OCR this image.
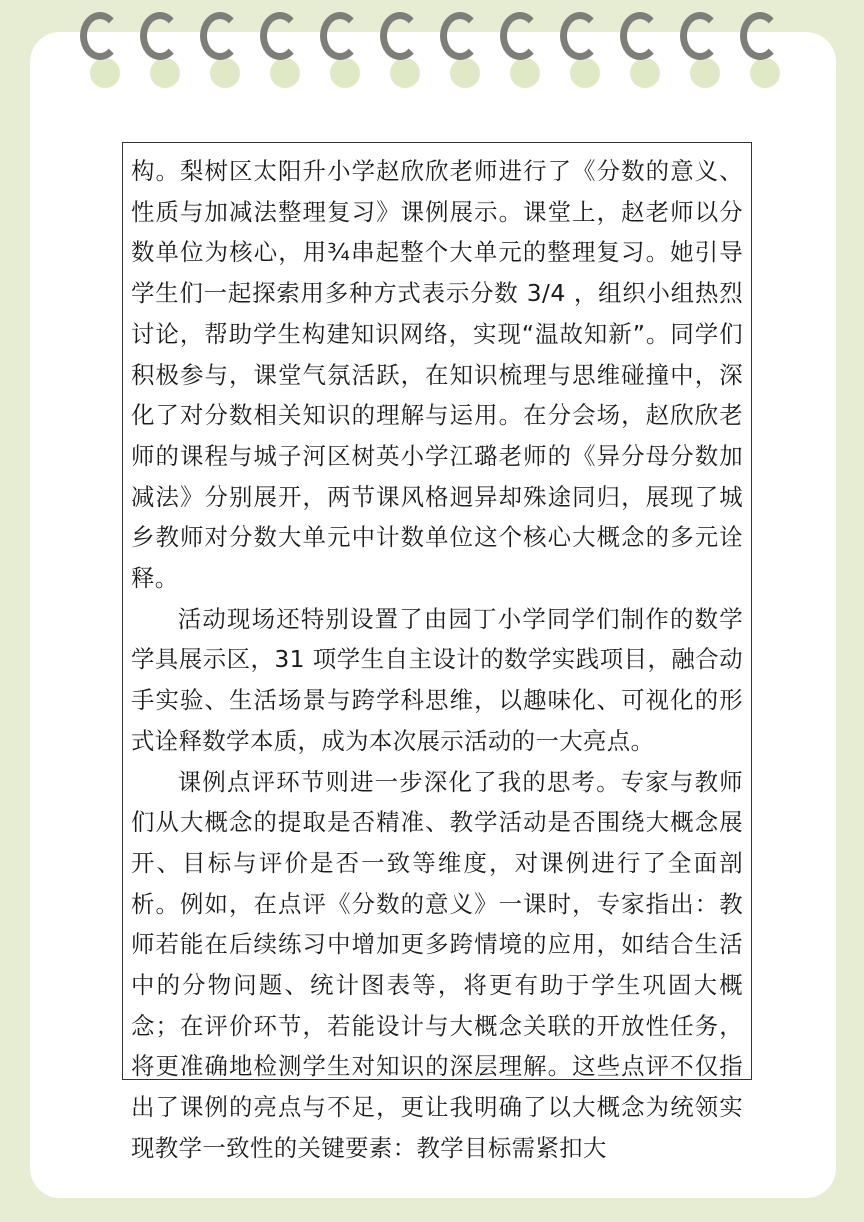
构。梨树区太阳升小学赵欣欣老师进行了《分数的意义、性质与加减法整理复习》课例展示。课堂上，赵老师以分数单位为核心，用¾串起整个大单元的整理复习。她引导学生们一起探索用多种方式表示分数 3/4 ，组织小组热烈讨论，帮助学生构建知识网络，实现“温故知新”。同学们积极参与，课堂气氛活跃，在知识梳理与思维碰撞中，深化了对分数相关知识的理解与运用。在分会场，赵欣欣老师的课程与城子河区树英小学江璐老师的《异分母分数加减法》分别展开，两节课风格迥异却殊途同归，展现了城乡教师对分数大单元中计数单位这个核心大概念的多元诠释。

活动现场还特别设置了由园丁小学同学们制作的数学学具展示区，31 项学生自主设计的数学实践项目，融合动手实验、生活场景与跨学科思维，以趣味化、可视化的形式诠释数学本质，成为本次展示活动的一大亮点。

课例点评环节则进一步深化了我的思考。专家与教师们从大概念的提取是否精准、教学活动是否围绕大概念展开、目标与评价是否一致等维度，对课例进行了全面剖析。例如，在点评《分数的意义》一课时，专家指出：教师若能在后续练习中增加更多跨情境的应用，如结合生活中的分物问题、统计图表等，将更有助于学生巩固大概念；在评价环节，若能设计与大概念关联的开放性任务，将更准确地检测学生对知识的深层理解。这些点评不仅指出了课例的亮点与不足，更让我明确了以大概念为统领实现教学一致性的关键要素：教学目标需紧扣大
